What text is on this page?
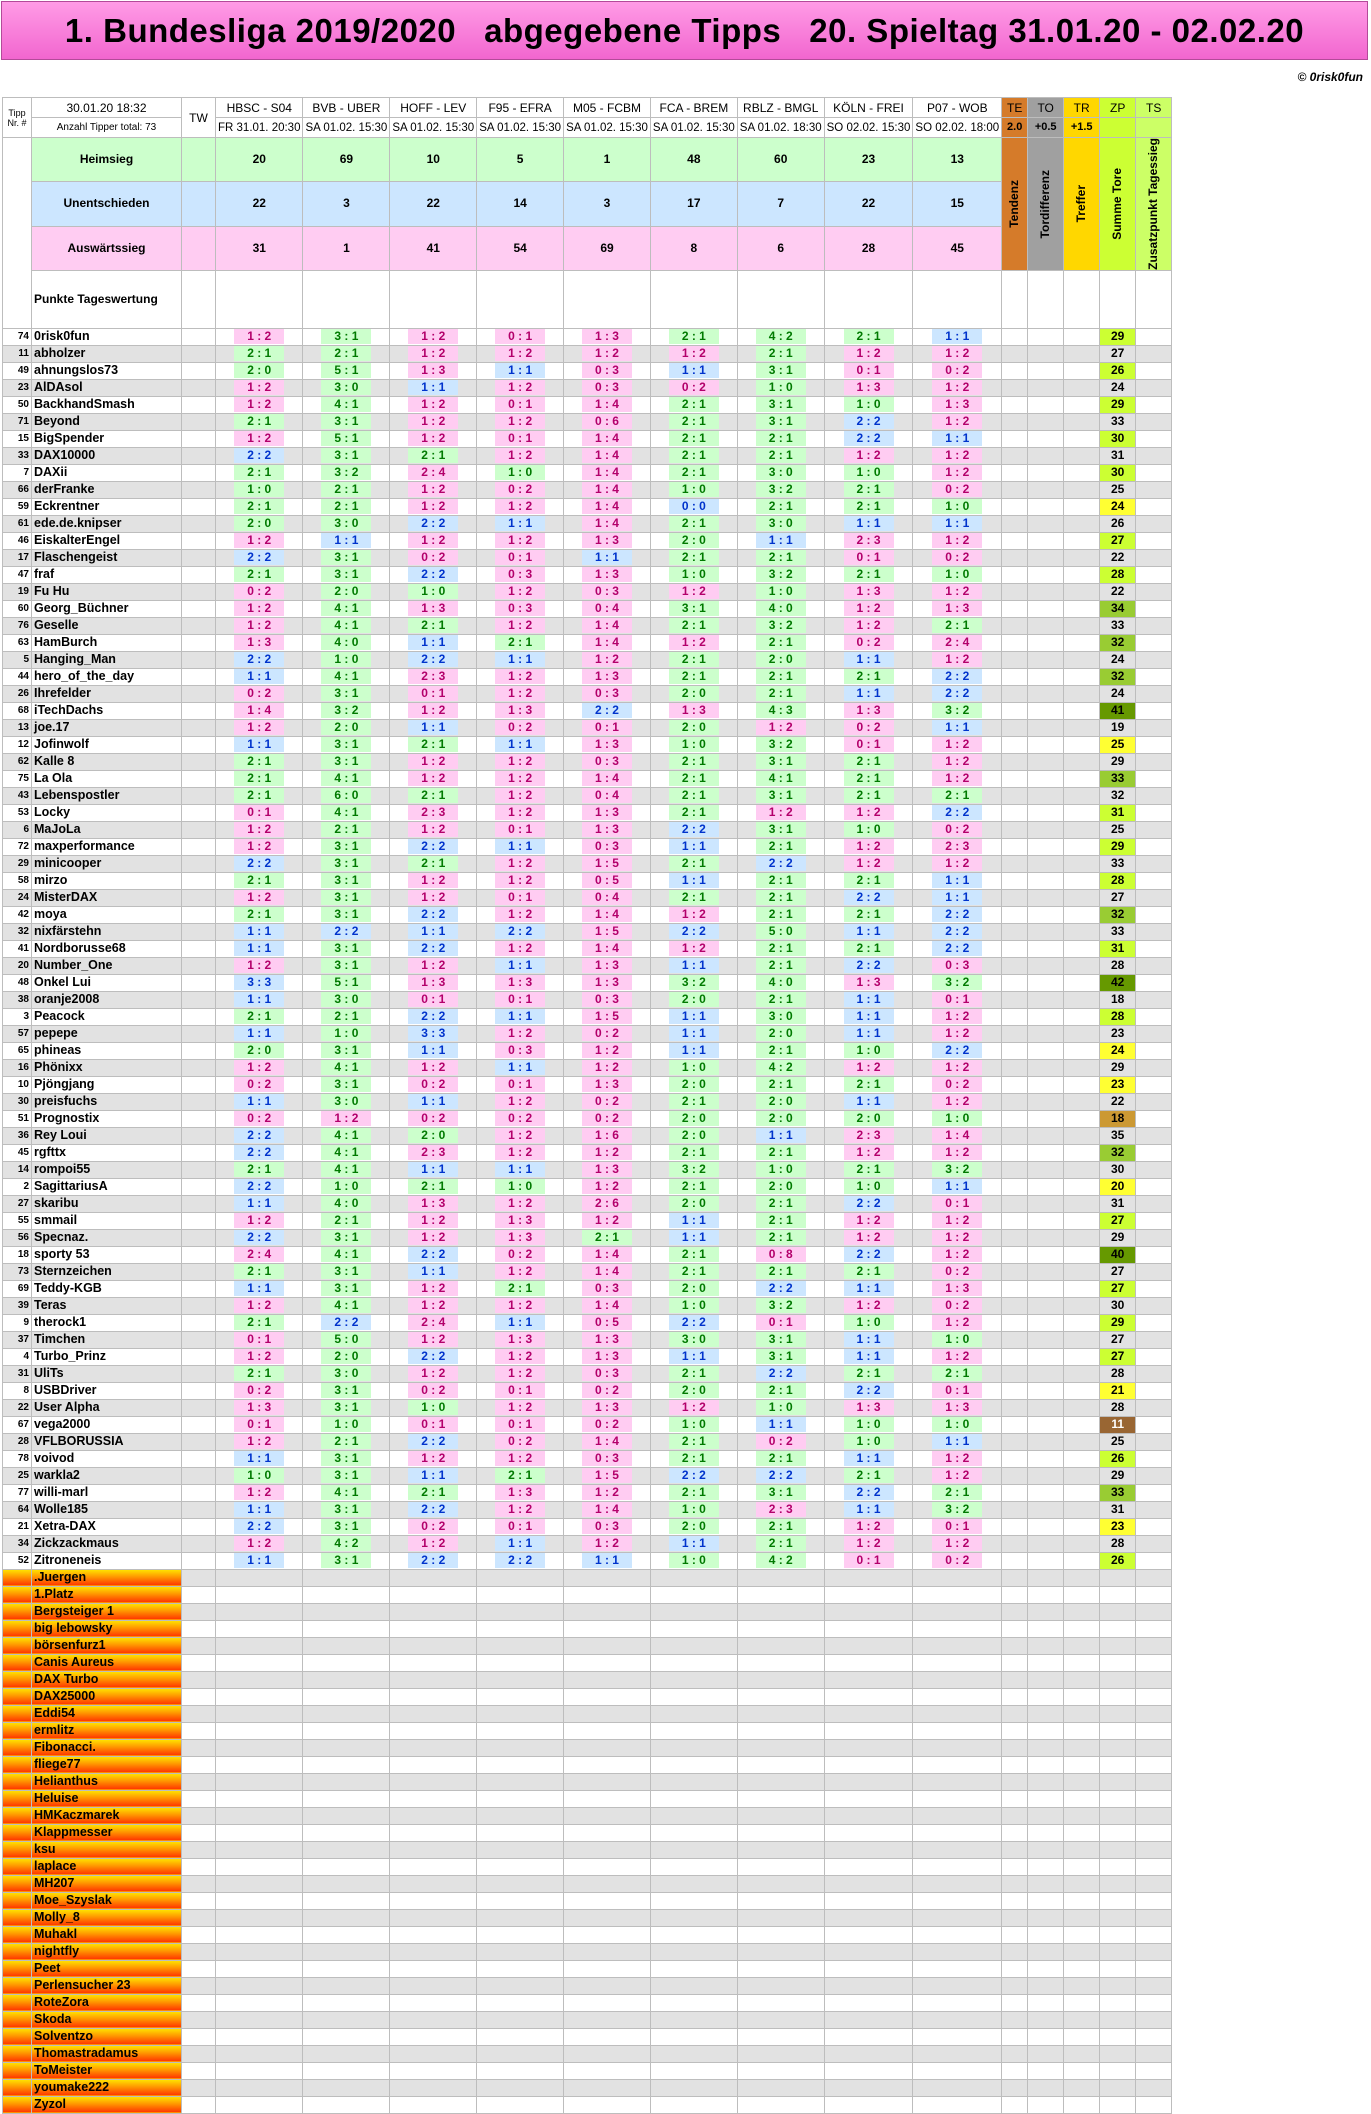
1. Bundesliga 2019/2020 abgegebene Tipps 20. Spieltag 31.01.20 - 02.02.20
© 0risk0fun
Tipp Nr. #	30.01.20 18:32	TW	HBSC - S04	BVB - UBER	HOFF - LEV	F95 - EFRA	M05 - FCBM	FCA - BREM	RBLZ - BMGL	KÖLN - FREI	P07 - WOB	TE	TO	TR	ZP	TS
	Anzahl Tipper total: 73		FR 31.01. 20:30	SA 01.02. 15:30	SA 01.02. 15:30	SA 01.02. 15:30	SA 01.02. 15:30	SA 01.02. 15:30	SA 01.02. 18:30	SO 02.02. 15:30	SO 02.02. 18:00	2.0	+0.5	+1.5		
	Heimsieg		20	69	10	5	1	48	60	23	13	Tendenz	Tordifferenz	Treffer	Summe Tore	Zusatzpunkt Tagessieg

	Unentschieden		22	3	22	14	3	17	7	22	15					
	Auswärtssieg		31	1	41	54	69	8	6	28	45					
	Punkte Tageswertung															
74	0risk0fun		1 : 2	3 : 1	1 : 2	0 : 1	1 : 3	2 : 1	4 : 2	2 : 1	1 : 1				29	
11	abholzer		2 : 1	2 : 1	1 : 2	1 : 2	1 : 2	1 : 2	2 : 1	1 : 2	1 : 2				27	
49	ahnungslos73		2 : 0	5 : 1	1 : 3	1 : 1	0 : 3	1 : 1	3 : 1	0 : 1	0 : 2				26	
23	AlDAsol		1 : 2	3 : 0	1 : 1	1 : 2	0 : 3	0 : 2	1 : 0	1 : 3	1 : 2				24	
50	BackhandSmash		1 : 2	4 : 1	1 : 2	0 : 1	1 : 4	2 : 1	3 : 1	1 : 0	1 : 3				29	
71	Beyond		2 : 1	3 : 1	1 : 2	1 : 2	0 : 6	2 : 1	3 : 1	2 : 2	1 : 2				33	
15	BigSpender		1 : 2	5 : 1	1 : 2	0 : 1	1 : 4	2 : 1	2 : 1	2 : 2	1 : 1				30	
33	DAX10000		2 : 2	3 : 1	2 : 1	1 : 2	1 : 4	2 : 1	2 : 1	1 : 2	1 : 2				31	
7	DAXii		2 : 1	3 : 2	2 : 4	1 : 0	1 : 4	2 : 1	3 : 0	1 : 0	1 : 2				30	
66	derFranke		1 : 0	2 : 1	1 : 2	0 : 2	1 : 4	1 : 0	3 : 2	2 : 1	0 : 2				25	
59	Eckrentner		2 : 1	2 : 1	1 : 2	1 : 2	1 : 4	0 : 0	2 : 1	2 : 1	1 : 0				24	
61	ede.de.knipser		2 : 0	3 : 0	2 : 2	1 : 1	1 : 4	2 : 1	3 : 0	1 : 1	1 : 1				26	
46	EiskalterEngel		1 : 2	1 : 1	1 : 2	1 : 2	1 : 3	2 : 0	1 : 1	2 : 3	1 : 2				27	
17	Flaschengeist		2 : 2	3 : 1	0 : 2	0 : 1	1 : 1	2 : 1	2 : 1	0 : 1	0 : 2				22	
47	fraf		2 : 1	3 : 1	2 : 2	0 : 3	1 : 3	1 : 0	3 : 2	2 : 1	1 : 0				28	
19	Fu Hu		0 : 2	2 : 0	1 : 0	1 : 2	0 : 3	1 : 2	1 : 0	1 : 3	1 : 2				22	
60	Georg_Büchner		1 : 2	4 : 1	1 : 3	0 : 3	0 : 4	3 : 1	4 : 0	1 : 2	1 : 3				34	
76	Geselle		1 : 2	4 : 1	2 : 1	1 : 2	1 : 4	2 : 1	3 : 2	1 : 2	2 : 1				33	
63	HamBurch		1 : 3	4 : 0	1 : 1	2 : 1	1 : 4	1 : 2	2 : 1	0 : 2	2 : 4				32	
5	Hanging_Man		2 : 2	1 : 0	2 : 2	1 : 1	1 : 2	2 : 1	2 : 0	1 : 1	1 : 2				24	
44	hero_of_the_day		1 : 1	4 : 1	2 : 3	1 : 2	1 : 3	2 : 1	2 : 1	2 : 1	2 : 2				32	
26	Ihrefelder		0 : 2	3 : 1	0 : 1	1 : 2	0 : 3	2 : 0	2 : 1	1 : 1	2 : 2				24	
68	iTechDachs		1 : 4	3 : 2	1 : 2	1 : 3	2 : 2	1 : 3	4 : 3	1 : 3	3 : 2				41	
13	joe.17		1 : 2	2 : 0	1 : 1	0 : 2	0 : 1	2 : 0	1 : 2	0 : 2	1 : 1				19	
12	Jofinwolf		1 : 1	3 : 1	2 : 1	1 : 1	1 : 3	1 : 0	3 : 2	0 : 1	1 : 2				25	
62	Kalle 8		2 : 1	3 : 1	1 : 2	1 : 2	0 : 3	2 : 1	3 : 1	2 : 1	1 : 2				29	
75	La Ola		2 : 1	4 : 1	1 : 2	1 : 2	1 : 4	2 : 1	4 : 1	2 : 1	1 : 2				33	
43	Lebenspostler		2 : 1	6 : 0	2 : 1	1 : 2	0 : 4	2 : 1	3 : 1	2 : 1	2 : 1				32	
53	Locky		0 : 1	4 : 1	2 : 3	1 : 2	1 : 3	2 : 1	1 : 2	1 : 2	2 : 2				31	
6	MaJoLa		1 : 2	2 : 1	1 : 2	0 : 1	1 : 3	2 : 2	3 : 1	1 : 0	0 : 2				25	
72	maxperformance		1 : 2	3 : 1	2 : 2	1 : 1	0 : 3	1 : 1	2 : 1	1 : 2	2 : 3				29	
29	minicooper		2 : 2	3 : 1	2 : 1	1 : 2	1 : 5	2 : 1	2 : 2	1 : 2	1 : 2				33	
58	mirzo		2 : 1	3 : 1	1 : 2	1 : 2	0 : 5	1 : 1	2 : 1	2 : 1	1 : 1				28	
24	MisterDAX		1 : 2	3 : 1	1 : 2	0 : 1	0 : 4	2 : 1	2 : 1	2 : 2	1 : 1				27	
42	moya		2 : 1	3 : 1	2 : 2	1 : 2	1 : 4	1 : 2	2 : 1	2 : 1	2 : 2				32	
32	nixfärstehn		1 : 1	2 : 2	1 : 1	2 : 2	1 : 5	2 : 2	5 : 0	1 : 1	2 : 2				33	
41	Nordborusse68		1 : 1	3 : 1	2 : 2	1 : 2	1 : 4	1 : 2	2 : 1	2 : 1	2 : 2				31	
20	Number_One		1 : 2	3 : 1	1 : 2	1 : 1	1 : 3	1 : 1	2 : 1	2 : 2	0 : 3				28	
48	Onkel Lui		3 : 3	5 : 1	1 : 3	1 : 3	1 : 3	3 : 2	4 : 0	1 : 3	3 : 2				42	
38	oranje2008		1 : 1	3 : 0	0 : 1	0 : 1	0 : 3	2 : 0	2 : 1	1 : 1	0 : 1				18	
3	Peacock		2 : 1	2 : 1	2 : 2	1 : 1	1 : 5	1 : 1	3 : 0	1 : 1	1 : 2				28	
57	pepepe		1 : 1	1 : 0	3 : 3	1 : 2	0 : 2	1 : 1	2 : 0	1 : 1	1 : 2				23	
65	phineas		2 : 0	3 : 1	1 : 1	0 : 3	1 : 2	1 : 1	2 : 1	1 : 0	2 : 2				24	
16	Phönixx		1 : 2	4 : 1	1 : 2	1 : 1	1 : 2	1 : 0	4 : 2	1 : 2	1 : 2				29	
10	Pjöngjang		0 : 2	3 : 1	0 : 2	0 : 1	1 : 3	2 : 0	2 : 1	2 : 1	0 : 2				23	
30	preisfuchs		1 : 1	3 : 0	1 : 1	1 : 2	0 : 2	2 : 1	2 : 0	1 : 1	1 : 2				22	
51	Prognostix		0 : 2	1 : 2	0 : 2	0 : 2	0 : 2	2 : 0	2 : 0	2 : 0	1 : 0				18	
36	Rey Loui		2 : 2	4 : 1	2 : 0	1 : 2	1 : 6	2 : 0	1 : 1	2 : 3	1 : 4				35	
45	rgfttx		2 : 2	4 : 1	2 : 3	1 : 2	1 : 2	2 : 1	2 : 1	1 : 2	1 : 2				32	
14	rompoi55		2 : 1	4 : 1	1 : 1	1 : 1	1 : 3	3 : 2	1 : 0	2 : 1	3 : 2				30	
2	SagittariusA		2 : 2	1 : 0	2 : 1	1 : 0	1 : 2	2 : 1	2 : 0	1 : 0	1 : 1				20	
27	skaribu		1 : 1	4 : 0	1 : 3	1 : 2	2 : 6	2 : 0	2 : 1	2 : 2	0 : 1				31	
55	smmail		1 : 2	2 : 1	1 : 2	1 : 3	1 : 2	1 : 1	2 : 1	1 : 2	1 : 2				27	
56	Specnaz.		2 : 2	3 : 1	1 : 2	1 : 3	2 : 1	1 : 1	2 : 1	1 : 2	1 : 2				29	
18	sporty 53		2 : 4	4 : 1	2 : 2	0 : 2	1 : 4	2 : 1	0 : 8	2 : 2	1 : 2				40	
73	Sternzeichen		2 : 1	3 : 1	1 : 1	1 : 2	1 : 4	2 : 1	2 : 1	2 : 1	0 : 2				27	
69	Teddy-KGB		1 : 1	3 : 1	1 : 2	2 : 1	0 : 3	2 : 0	2 : 2	1 : 1	1 : 3				27	
39	Teras		1 : 2	4 : 1	1 : 2	1 : 2	1 : 4	1 : 0	3 : 2	1 : 2	0 : 2				30	
9	therock1		2 : 1	2 : 2	2 : 4	1 : 1	0 : 5	2 : 2	0 : 1	1 : 0	1 : 2				29	
37	Timchen		0 : 1	5 : 0	1 : 2	1 : 3	1 : 3	3 : 0	3 : 1	1 : 1	1 : 0				27	
4	Turbo_Prinz		1 : 2	2 : 0	2 : 2	1 : 2	1 : 3	1 : 1	3 : 1	1 : 1	1 : 2				27	
31	UliTs		2 : 1	3 : 0	1 : 2	1 : 2	0 : 3	2 : 1	2 : 2	2 : 1	2 : 1				28	
8	USBDriver		0 : 2	3 : 1	0 : 2	0 : 1	0 : 2	2 : 0	2 : 1	2 : 2	0 : 1				21	
22	User Alpha		1 : 3	3 : 1	1 : 0	1 : 2	1 : 3	1 : 2	1 : 0	1 : 3	1 : 3				28	
67	vega2000		0 : 1	1 : 0	0 : 1	0 : 1	0 : 2	1 : 0	1 : 1	1 : 0	1 : 0				11	
28	VFLBORUSSIA		1 : 2	2 : 1	2 : 2	0 : 2	1 : 4	2 : 1	0 : 2	1 : 0	1 : 1				25	
78	voivod		1 : 1	3 : 1	1 : 2	1 : 2	0 : 3	2 : 1	2 : 1	1 : 1	1 : 2				26	
25	warkla2		1 : 0	3 : 1	1 : 1	2 : 1	1 : 5	2 : 2	2 : 2	2 : 1	1 : 2				29	
77	willi-marl		1 : 2	4 : 1	2 : 1	1 : 3	1 : 2	2 : 1	3 : 1	2 : 2	2 : 1				33	
64	Wolle185		1 : 1	3 : 1	2 : 2	1 : 2	1 : 4	1 : 0	2 : 3	1 : 1	3 : 2				31	
21	Xetra-DAX		2 : 2	3 : 1	0 : 2	0 : 1	0 : 3	2 : 0	2 : 1	1 : 2	0 : 1				23	
34	Zickzackmaus		1 : 2	4 : 2	1 : 2	1 : 1	1 : 2	1 : 1	2 : 1	1 : 2	1 : 2				28	
52	Zitroneneis		1 : 1	3 : 1	2 : 2	2 : 2	1 : 1	1 : 0	4 : 2	0 : 1	0 : 2				26	
	.Juergen															
	1.Platz															
	Bergsteiger 1															
	big lebowsky															
	börsenfurz1															
	Canis Aureus															
	DAX Turbo															
	DAX25000															
	Eddi54															
	ermlitz															
	Fibonacci.															
	fliege77															
	Helianthus															
	Heluise															
	HMKaczmarek															
	Klappmesser															
	ksu															
	laplace															
	MH207															
	Moe_Szyslak															
	Molly_8															
	Muhakl															
	nightfly															
	Peet															
	Perlensucher 23															
	RoteZora															
	Skoda															
	Solventzo															
	Thomastradamus															
	ToMeister															
	youmake222															
	Zyzol															
